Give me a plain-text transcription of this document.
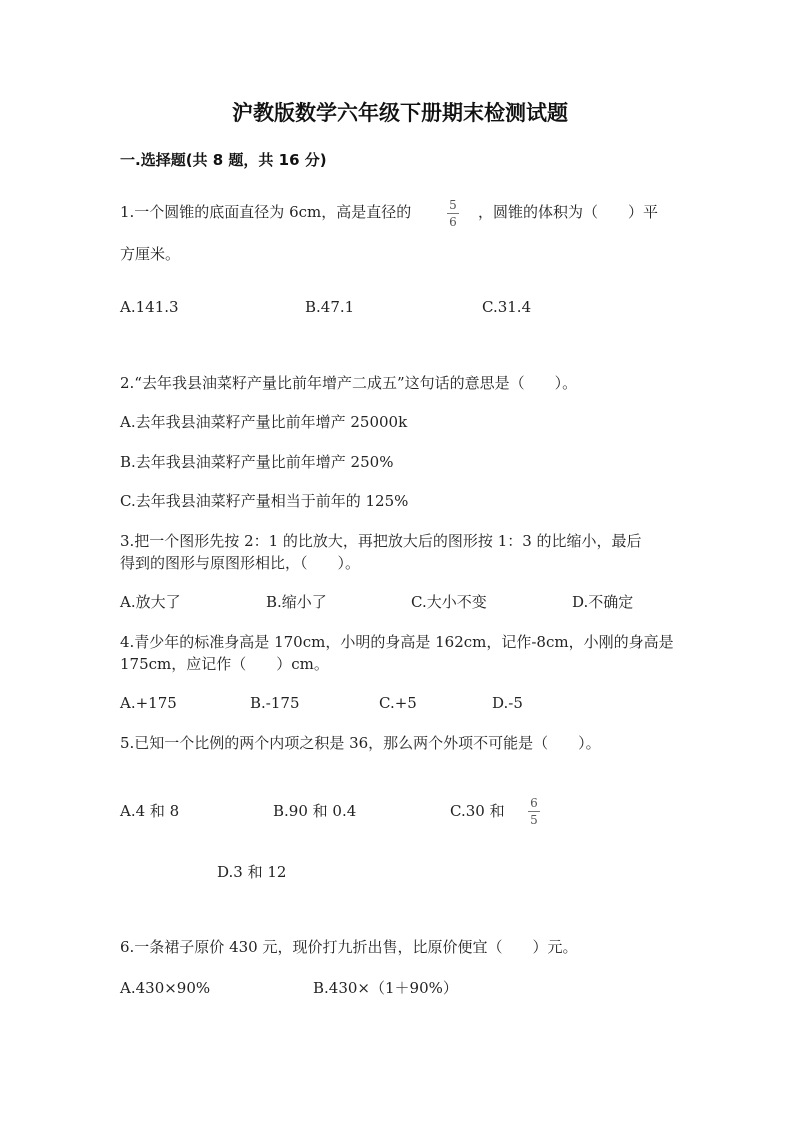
沪教版数学六年级下册期末检测试题
一.选择题(共 8 题，共 16 分)
1.一个圆锥的底面直径为 6cm，高是直径的	5
6
，圆锥的体积为（　　）平
方厘米。
A.141.3	B.47.1	C.31.4
2.“去年我县油菜籽产量比前年增产二成五”这句话的意思是（　　）。
A.去年我县油菜籽产量比前年增产 25000k
B.去年我县油菜籽产量比前年增产 250%
C.去年我县油菜籽产量相当于前年的 125%
3.把一个图形先按 2：1 的比放大，再把放大后的图形按 1：3 的比缩小，最后
得到的图形与原图形相比，（　　）。
A.放大了	B.缩小了	C.大小不变	D.不确定
4.青少年的标准身高是 170cm，小明的身高是 162cm，记作-8cm，小刚的身高是
175cm，应记作（　　）cm。
A.+175	B.-175	C.+5	D.-5
5.已知一个比例的两个内项之积是 36，那么两个外项不可能是（　　）。
A.4 和 8	B.90 和 0.4	C.30 和 6
5
D.3 和 12
6.一条裙子原价 430 元，现价打九折出售，比原价便宜（　　）元。
A.430×90%	B.430×（1＋90%）
